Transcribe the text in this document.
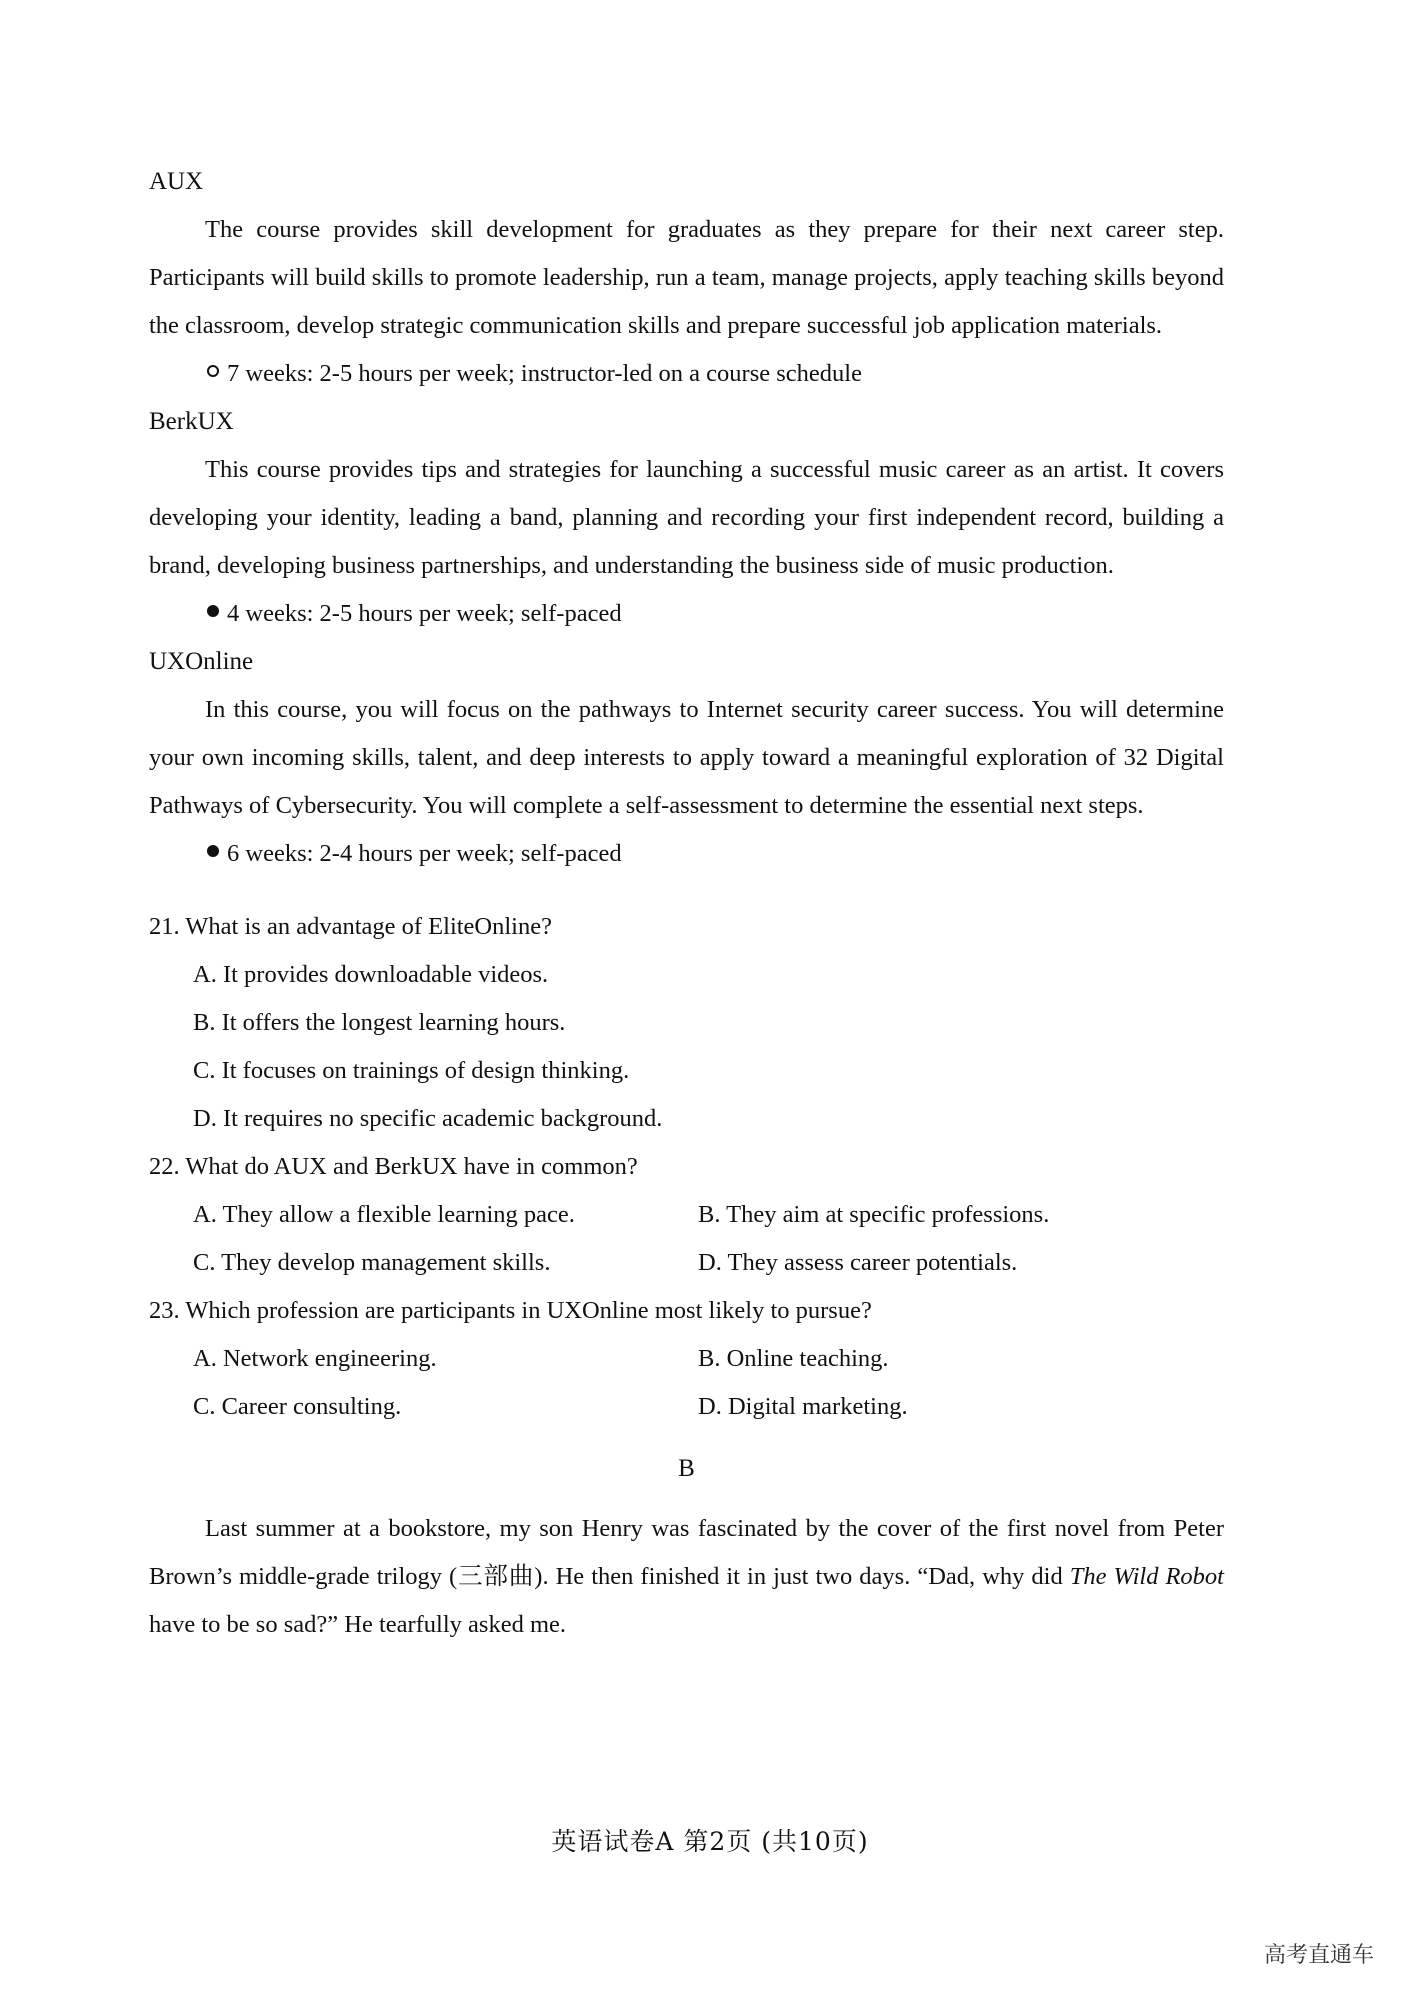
AUX

The course provides skill development for graduates as they prepare for their next career step. Participants will build skills to promote leadership, run a team, manage projects, apply teaching skills beyond the classroom, develop strategic communication skills and prepare successful job application materials.

7 weeks: 2-5 hours per week; instructor-led on a course schedule

BerkUX

This course provides tips and strategies for launching a successful music career as an artist. It covers developing your identity, leading a band, planning and recording your first independent record, building a brand, developing business partnerships, and understanding the business side of music production.

4 weeks: 2-5 hours per week; self-paced

UXOnline

In this course, you will focus on the pathways to Internet security career success. You will determine your own incoming skills, talent, and deep interests to apply toward a meaningful exploration of 32 Digital Pathways of Cybersecurity. You will complete a self-assessment to determine the essential next steps.

6 weeks: 2-4 hours per week; self-paced

21. What is an advantage of EliteOnline?

A. It provides downloadable videos.

B. It offers the longest learning hours.

C. It focuses on trainings of design thinking.

D. It requires no specific academic background.

22. What do AUX and BerkUX have in common?

A. They allow a flexible learning pace.	B. They aim at specific professions.
C. They develop management skills.	D. They assess career potentials.

23. Which profession are participants in UXOnline most likely to pursue?

A. Network engineering.	B. Online teaching.
C. Career consulting.	D. Digital marketing.

B

Last summer at a bookstore, my son Henry was fascinated by the cover of the first novel from Peter Brown’s middle-grade trilogy (三部曲). He then finished it in just two days. “Dad, why did The Wild Robot have to be so sad?” He tearfully asked me.

英语试卷A 第2页 (共10页)
高考直通车
